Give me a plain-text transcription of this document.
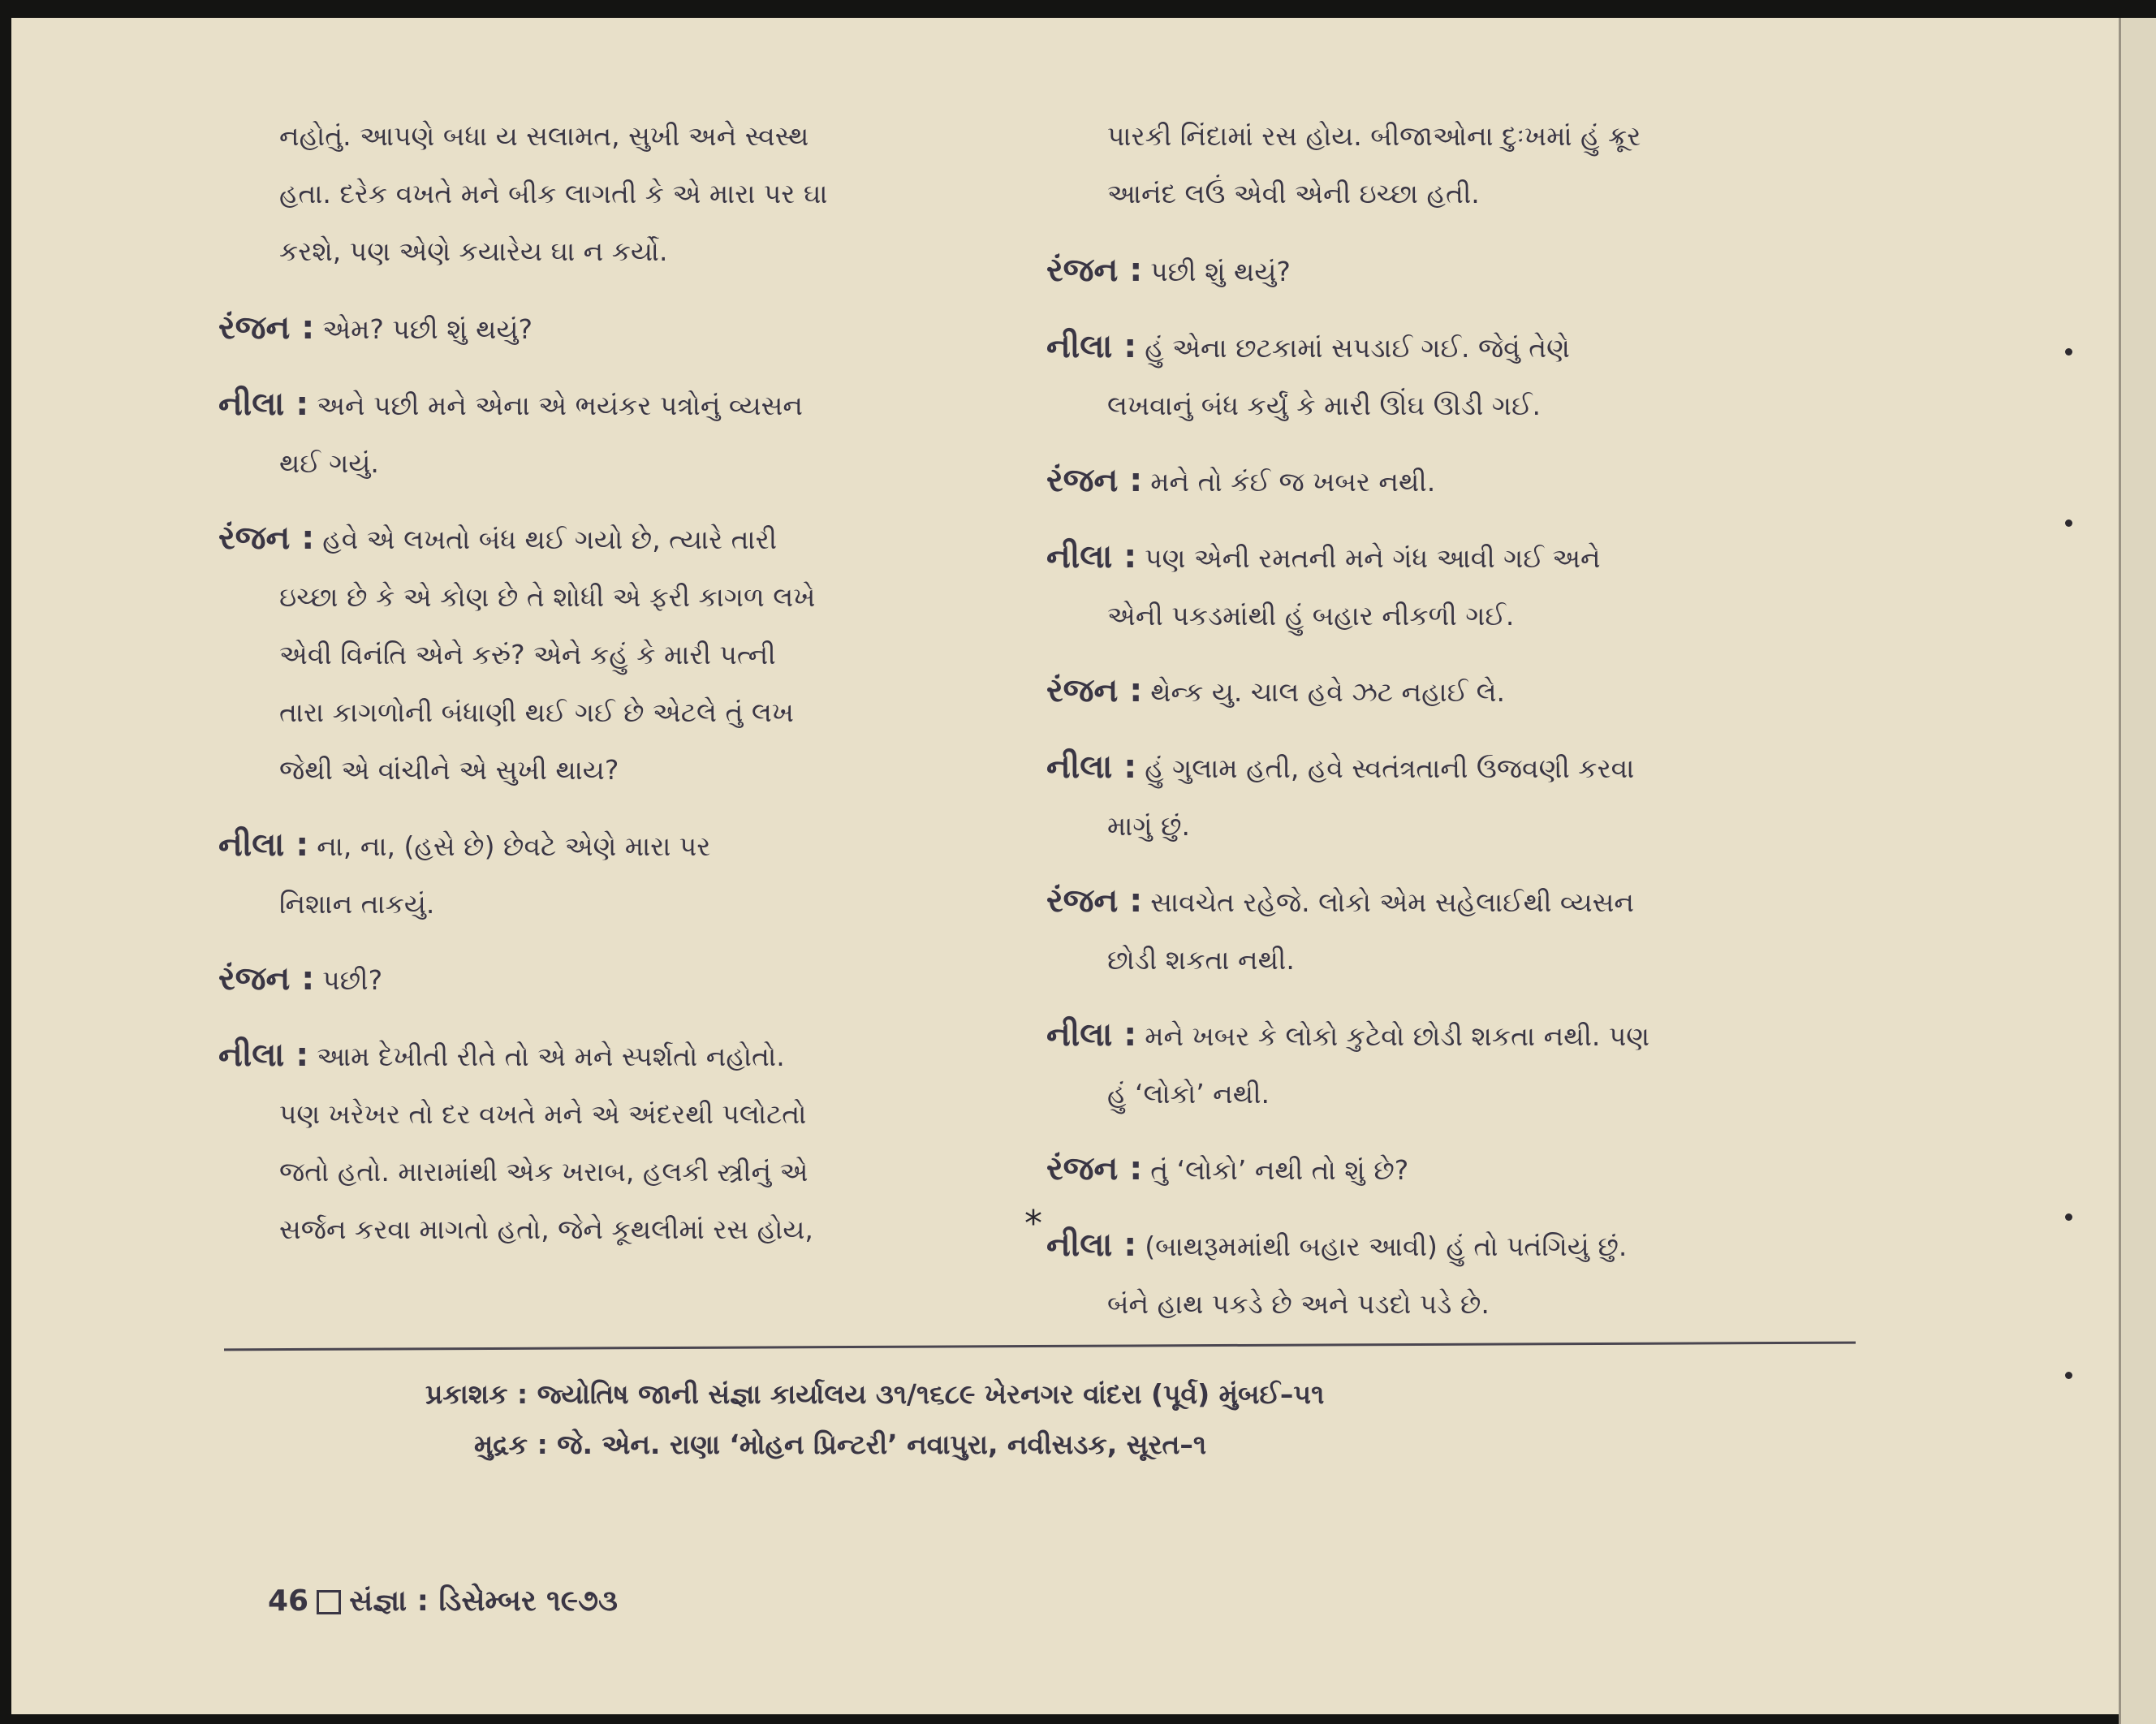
નહોતું. આપણે બધા ય સલામત, સુખી અને સ્વસ્થ
હતા. દરેક વખતે મને બીક લાગતી કે એ મારા પર ઘા
કરશે, પણ એણે કયારેય ઘા ન કર્યો.
રંજન : એમ? પછી શું થયું?
નીલા : અને પછી મને એના એ ભયંકર પત્રોનું વ્યસન
થઈ ગયું.
રંજન : હવે એ લખતો બંધ થઈ ગયો છે, ત્યારે તારી
ઇચ્છા છે કે એ કોણ છે તે શોધી એ ફરી કાગળ લખે
એવી વિનંતિ એને કરું? એને કહું કે મારી પત્ની
તારા કાગળોની બંધાણી થઈ ગઈ છે એટલે તું લખ
જેથી એ વાંચીને એ સુખી થાય?
નીલા : ના, ના, (હસે છે) છેવટે એણે મારા પર
નિશાન તાકયું.
રંજન : પછી?
નીલા : આમ દેખીતી રીતે તો એ મને સ્પર્શતો નહોતો.
પણ ખરેખર તો દર વખતે મને એ અંદરથી પલોટતો
જતો હતો. મારામાંથી એક ખરાબ, હલકી સ્ત્રીનું એ
સર્જન કરવા માગતો હતો, જેને કૂથલીમાં રસ હોય,
પારકી નિંદામાં રસ હોય. બીજાઓના દુઃખમાં હું ક્રૂર
આનંદ લઉં એવી એની ઇચ્છા હતી.
રંજન : પછી શું થયું?
નીલા : હું એના છટકામાં સપડાઈ ગઈ. જેવું તેણે
લખવાનું બંધ કર્યું કે મારી ઊંઘ ઊડી ગઈ.
રંજન : મને તો કંઈ જ ખબર નથી.
નીલા : પણ એની રમતની મને ગંધ આવી ગઈ અને
એની પકડમાંથી હું બહાર નીકળી ગઈ.
રંજન : થેન્ક યુ. ચાલ હવે ઝટ નહાઈ લે.
નીલા : હું ગુલામ હતી, હવે સ્વતંત્રતાની ઉજવણી કરવા
માગું છું.
રંજન : સાવચેત રહેજે. લોકો એમ સહેલાઈથી વ્યસન
છોડી શકતા નથી.
નીલા : મને ખબર કે લોકો કુટેવો છોડી શકતા નથી. પણ
હું ‘લોકો’ નથી.
રંજન : તું ‘લોકો’ નથી તો શું છે?
નીલા : (બાથરૂમમાંથી બહાર આવી) હું તો પતંગિયું છું.
બંને હાથ પકડે છે અને પડદો પડે છે.
*
પ્રકાશક : જ્યોતિષ જાની સંજ્ઞા કાર્યાલય ૩૧/૧૬૮૯ ખેરનગર વાંદરા (પૂર્વ) મુંબઈ–૫૧
મુદ્રક : જે. એન. રાણા ‘મોહન પ્રિન્ટરી’ નવાપુરા, નવીસડક, સૂરત–૧
46 સંજ્ઞા : ડિસેમ્બર ૧૯૭૩
